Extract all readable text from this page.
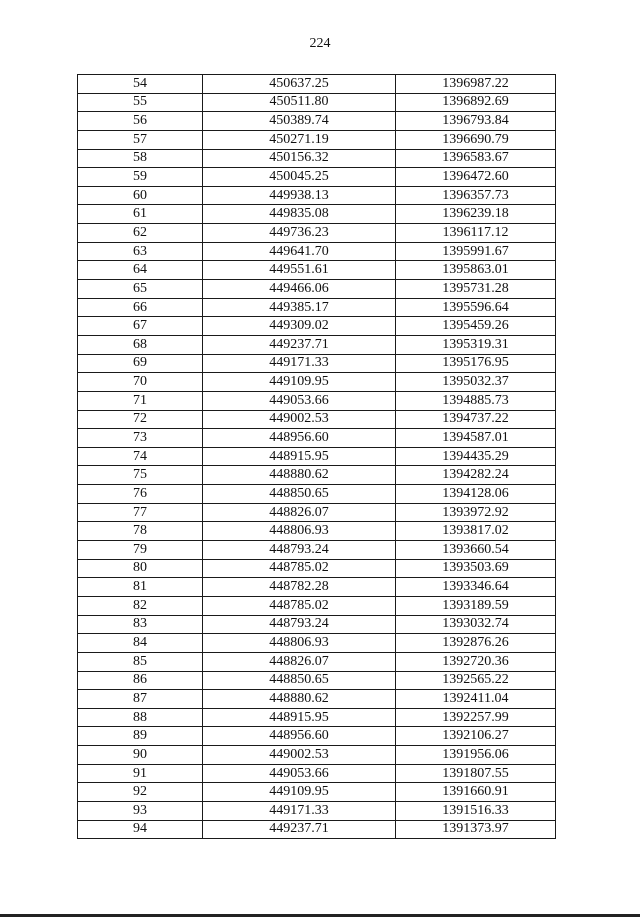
224
54	450637.25	1396987.22
55	450511.80	1396892.69
56	450389.74	1396793.84
57	450271.19	1396690.79
58	450156.32	1396583.67
59	450045.25	1396472.60
60	449938.13	1396357.73
61	449835.08	1396239.18
62	449736.23	1396117.12
63	449641.70	1395991.67
64	449551.61	1395863.01
65	449466.06	1395731.28
66	449385.17	1395596.64
67	449309.02	1395459.26
68	449237.71	1395319.31
69	449171.33	1395176.95
70	449109.95	1395032.37
71	449053.66	1394885.73
72	449002.53	1394737.22
73	448956.60	1394587.01
74	448915.95	1394435.29
75	448880.62	1394282.24
76	448850.65	1394128.06
77	448826.07	1393972.92
78	448806.93	1393817.02
79	448793.24	1393660.54
80	448785.02	1393503.69
81	448782.28	1393346.64
82	448785.02	1393189.59
83	448793.24	1393032.74
84	448806.93	1392876.26
85	448826.07	1392720.36
86	448850.65	1392565.22
87	448880.62	1392411.04
88	448915.95	1392257.99
89	448956.60	1392106.27
90	449002.53	1391956.06
91	449053.66	1391807.55
92	449109.95	1391660.91
93	449171.33	1391516.33
94	449237.71	1391373.97
